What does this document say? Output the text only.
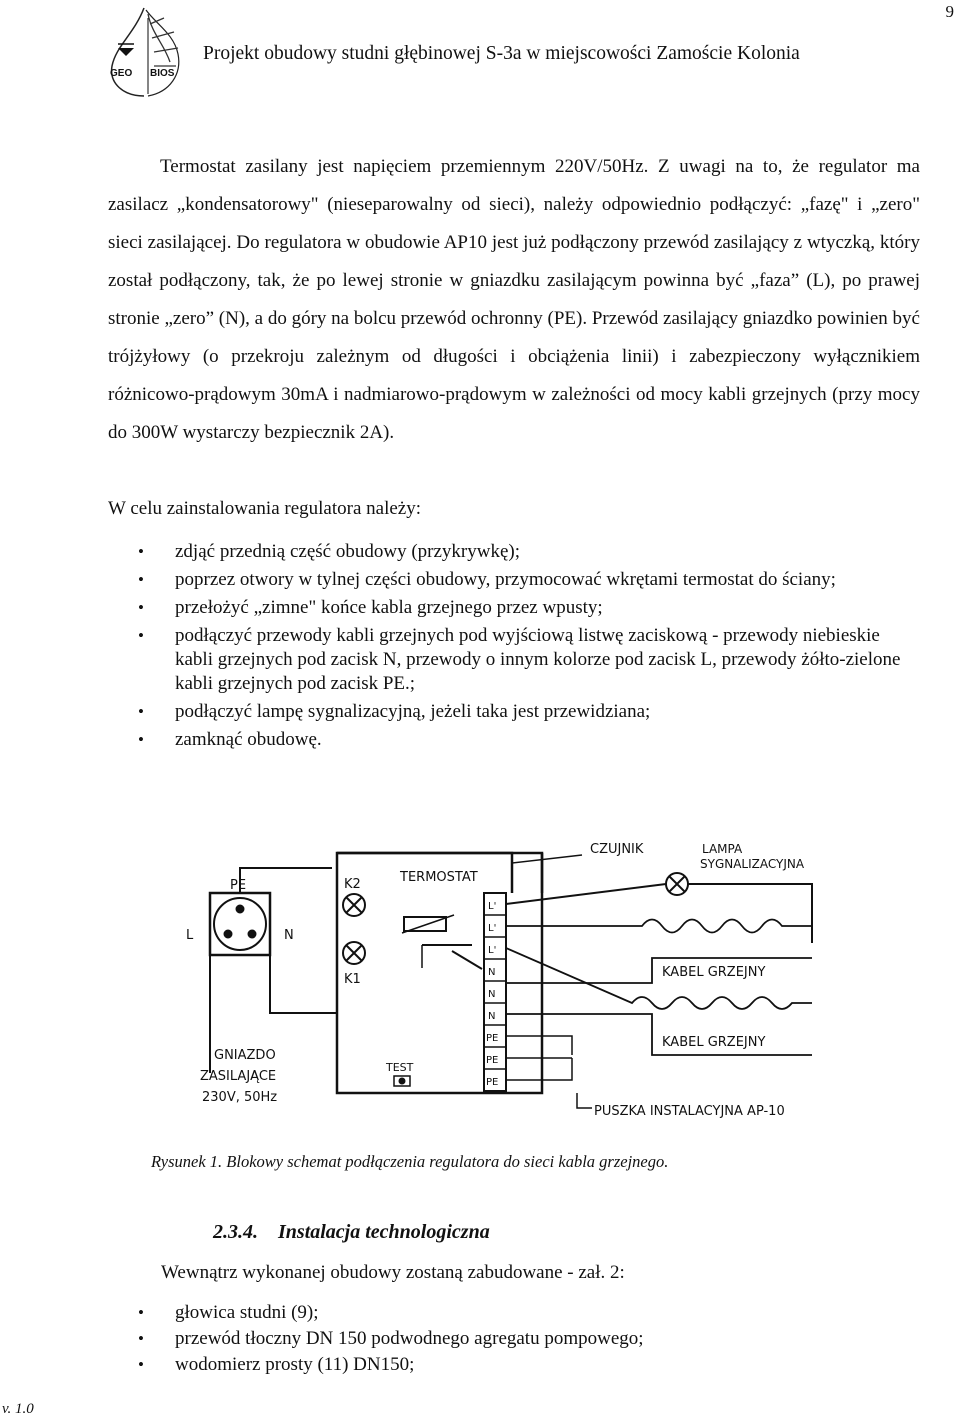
9
GEO BIOS
Projekt obudowy studni głębinowej S-3a w miejscowości Zamoście Kolonia
Termostat zasilany jest napięciem przemiennym 220V/50Hz. Z uwagi na to, że regulator ma zasilacz „kondensatorowy" (nieseparowalny od sieci), należy odpowiednio podłączyć: „fazę" i „zero" sieci zasilającej. Do regulatora w obudowie AP10 jest już podłączony przewód zasilający z wtyczką, który został podłączony, tak, że po lewej stronie w gniazdku zasilającym powinna być „faza” (L), po prawej stronie „zero” (N), a do góry na bolcu przewód ochronny (PE). Przewód zasilający gniazdko powinien być trójżyłowy (o przekroju zależnym od długości i obciążenia linii) i zabezpieczony wyłącznikiem różnicowo-prądowym 30mA i nadmiarowo-prądowym w zależności od mocy kabli grzejnych (przy mocy do 300W wystarczy bezpiecznik 2A).
W celu zainstalowania regulatora należy:
• zdjąć przednią część obudowy (przykrywkę);
• poprzez otwory w tylnej części obudowy, przymocować wkrętami termostat do ściany;
• przełożyć „zimne" końce kabla grzejnego przez wpusty;
• podłączyć przewody kabli grzejnych pod wyjściową listwę zaciskową - przewody niebieskie kabli grzejnych pod zacisk N, przewody o innym kolorze pod zacisk L, przewody żółto-zielone kabli grzejnych pod zacisk PE.;
• podłączyć lampę sygnalizacyjną, jeżeli taka jest przewidziana;
• zamknąć obudowę.
PE
L	N
K2
K1
TERMOSTAT
L'
L'
L'
N
N
N
PE
PE
PE
CZUJNIK	LAMPA
SYGNALIZACYJNA
KABEL GRZEJNY
KABEL GRZEJNY
GNIAZDO
ZASILAJĄCE
230V, 50Hz
TEST
PUSZKA INSTALACYJNA AP-10
Rysunek 1. Blokowy schemat podłączenia regulatora do sieci kabla grzejnego.
2.3.4. Instalacja technologiczna
Wewnątrz wykonanej obudowy zostaną zabudowane - zał. 2:
• głowica studni (9);
• przewód tłoczny DN 150 podwodnego agregatu pompowego;
• wodomierz prosty (11) DN150;
v. 1.0
